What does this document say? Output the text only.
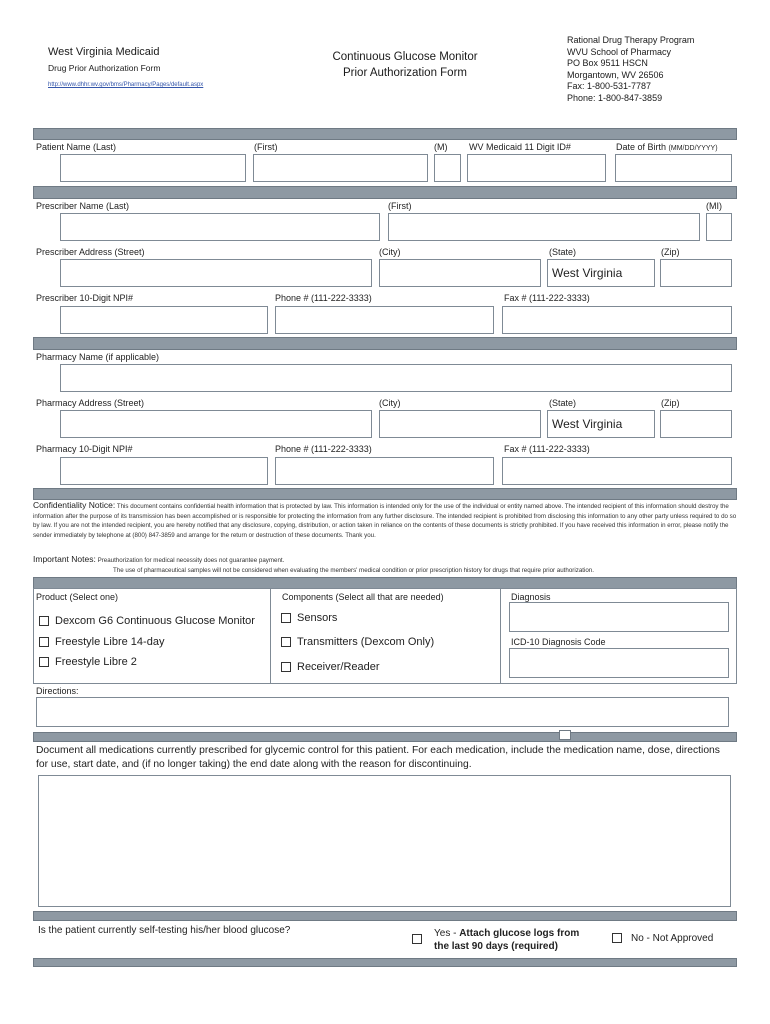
West Virginia Medicaid
Drug Prior Authorization Form
http://www.dhhr.wv.gov/bms/Pharmacy/Pages/default.aspx
Continuous Glucose Monitor
Prior Authorization Form
Rational Drug Therapy Program
WVU School of Pharmacy
PO Box 9511 HSCN
Morgantown, WV 26506
Fax: 1-800-531-7787
Phone: 1-800-847-3859
Patient Name (Last)	(First)	(M) WV Medicaid 11 Digit ID#	Date of Birth (MM/DD/YYYY)
Prescriber Name (Last)	(First)	(MI)
Prescriber Address (Street)	(City)	(State)	(Zip)
West Virginia
Prescriber 10-Digit NPI#	Phone # (111-222-3333)	Fax # (111-222-3333)
Pharmacy Name (if applicable)
Pharmacy Address (Street)	(City)	(State)	(Zip)
West Virginia
Pharmacy 10-Digit NPI#	Phone # (111-222-3333)	Fax # (111-222-3333)
Confidentiality Notice: This document contains confidential health information that is protected by law. This information is intended only for the use of the individual or entity named above. The intended recipient of this information should destroy the information after the purpose of its transmission has been accomplished or is responsible for protecting the information from any further disclosure. The intended recipient is prohibited from disclosing this information to any other party unless required to do so by law. If you are not the intended recipient, you are hereby notified that any disclosure, copying, distribution, or action taken in reliance on the contents of these documents is strictly prohibited. If you have received this information in error, please notify the sender immediately by telephone at (800) 847-3859 and arrange for the return or destruction of these documents. Thank you.
Important Notes: Preauthorization for medical necessity does not guarantee payment.
The use of pharmaceutical samples will not be considered when evaluating the members' medical condition or prior prescription history for drugs that require prior authorization.
Product (Select one)
Dexcom G6 Continuous Glucose Monitor
Freestyle Libre 14-day
Freestyle Libre 2
Components (Select all that are needed)
Sensors
Transmitters (Dexcom Only)
Receiver/Reader
Diagnosis
ICD-10 Diagnosis Code
Directions:
Document all medications currently prescribed for glycemic control for this patient. For each medication, include the medication name, dose, directions for use, start date, and (if no longer taking) the end date along with the reason for discontinuing.
Is the patient currently self-testing his/her blood glucose?	Yes - Attach glucose logs from
the last 90 days (required)
No - Not Approved
